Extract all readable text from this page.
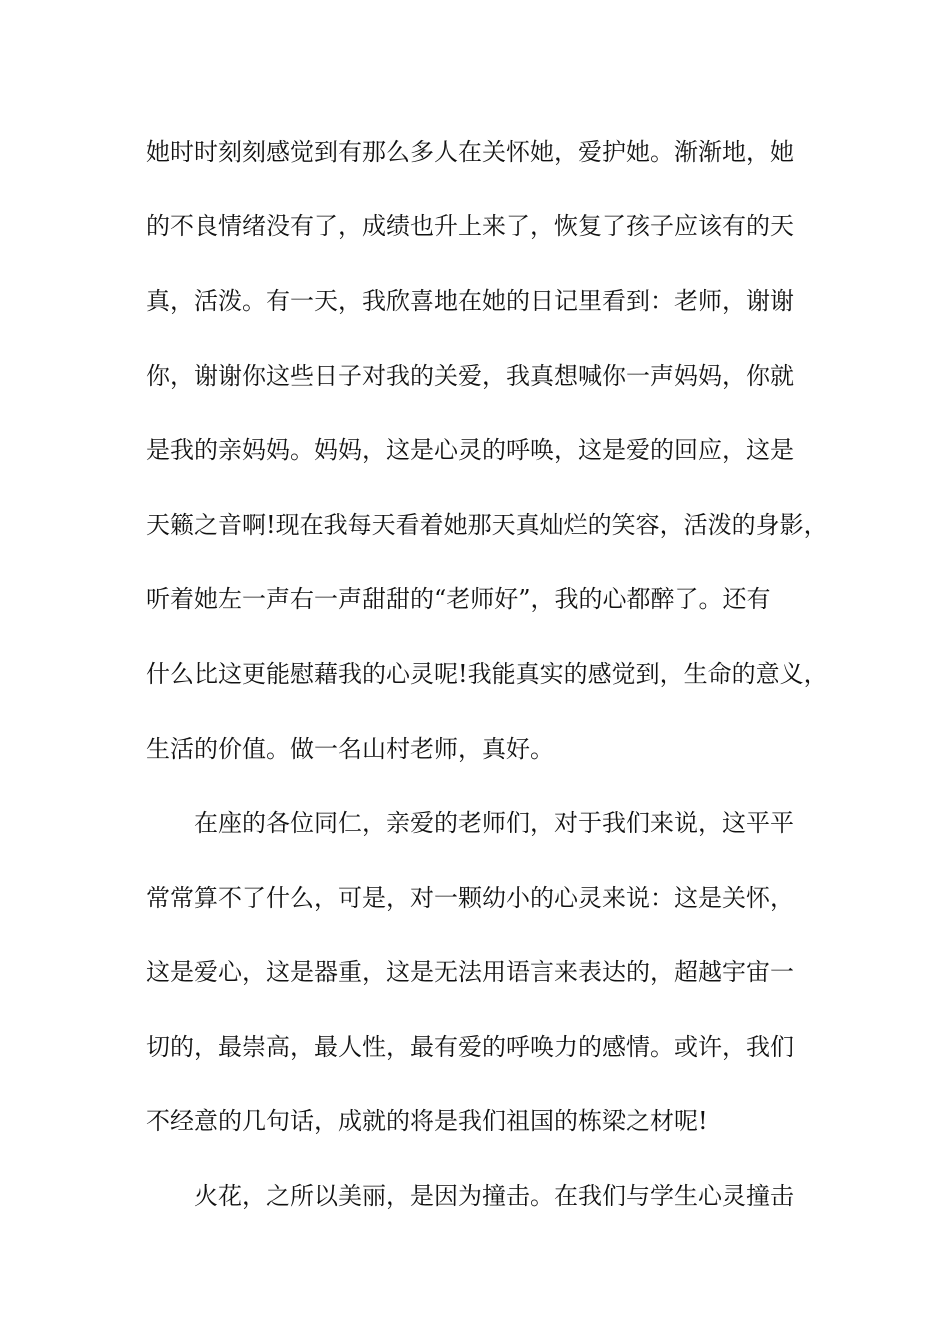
她时时刻刻感觉到有那么多人在关怀她，爱护她。渐渐地，她

的不良情绪没有了，成绩也升上来了，恢复了孩子应该有的天

真，活泼。有一天，我欣喜地在她的日记里看到：老师，谢谢

你，谢谢你这些日子对我的关爱，我真想喊你一声妈妈，你就

是我的亲妈妈。妈妈，这是心灵的呼唤，这是爱的回应，这是

天籁之音啊!现在我每天看着她那天真灿烂的笑容，活泼的身影，

听着她左一声右一声甜甜的“老师好”，我的心都醉了。还有

什么比这更能慰藉我的心灵呢!我能真实的感觉到，生命的意义，

生活的价值。做一名山村老师，真好。

在座的各位同仁，亲爱的老师们，对于我们来说，这平平

常常算不了什么，可是，对一颗幼小的心灵来说：这是关怀，

这是爱心，这是器重，这是无法用语言来表达的，超越宇宙一

切的，最崇高，最人性，最有爱的呼唤力的感情。或许，我们

不经意的几句话，成就的将是我们祖国的栋梁之材呢!

火花，之所以美丽，是因为撞击。在我们与学生心灵撞击
